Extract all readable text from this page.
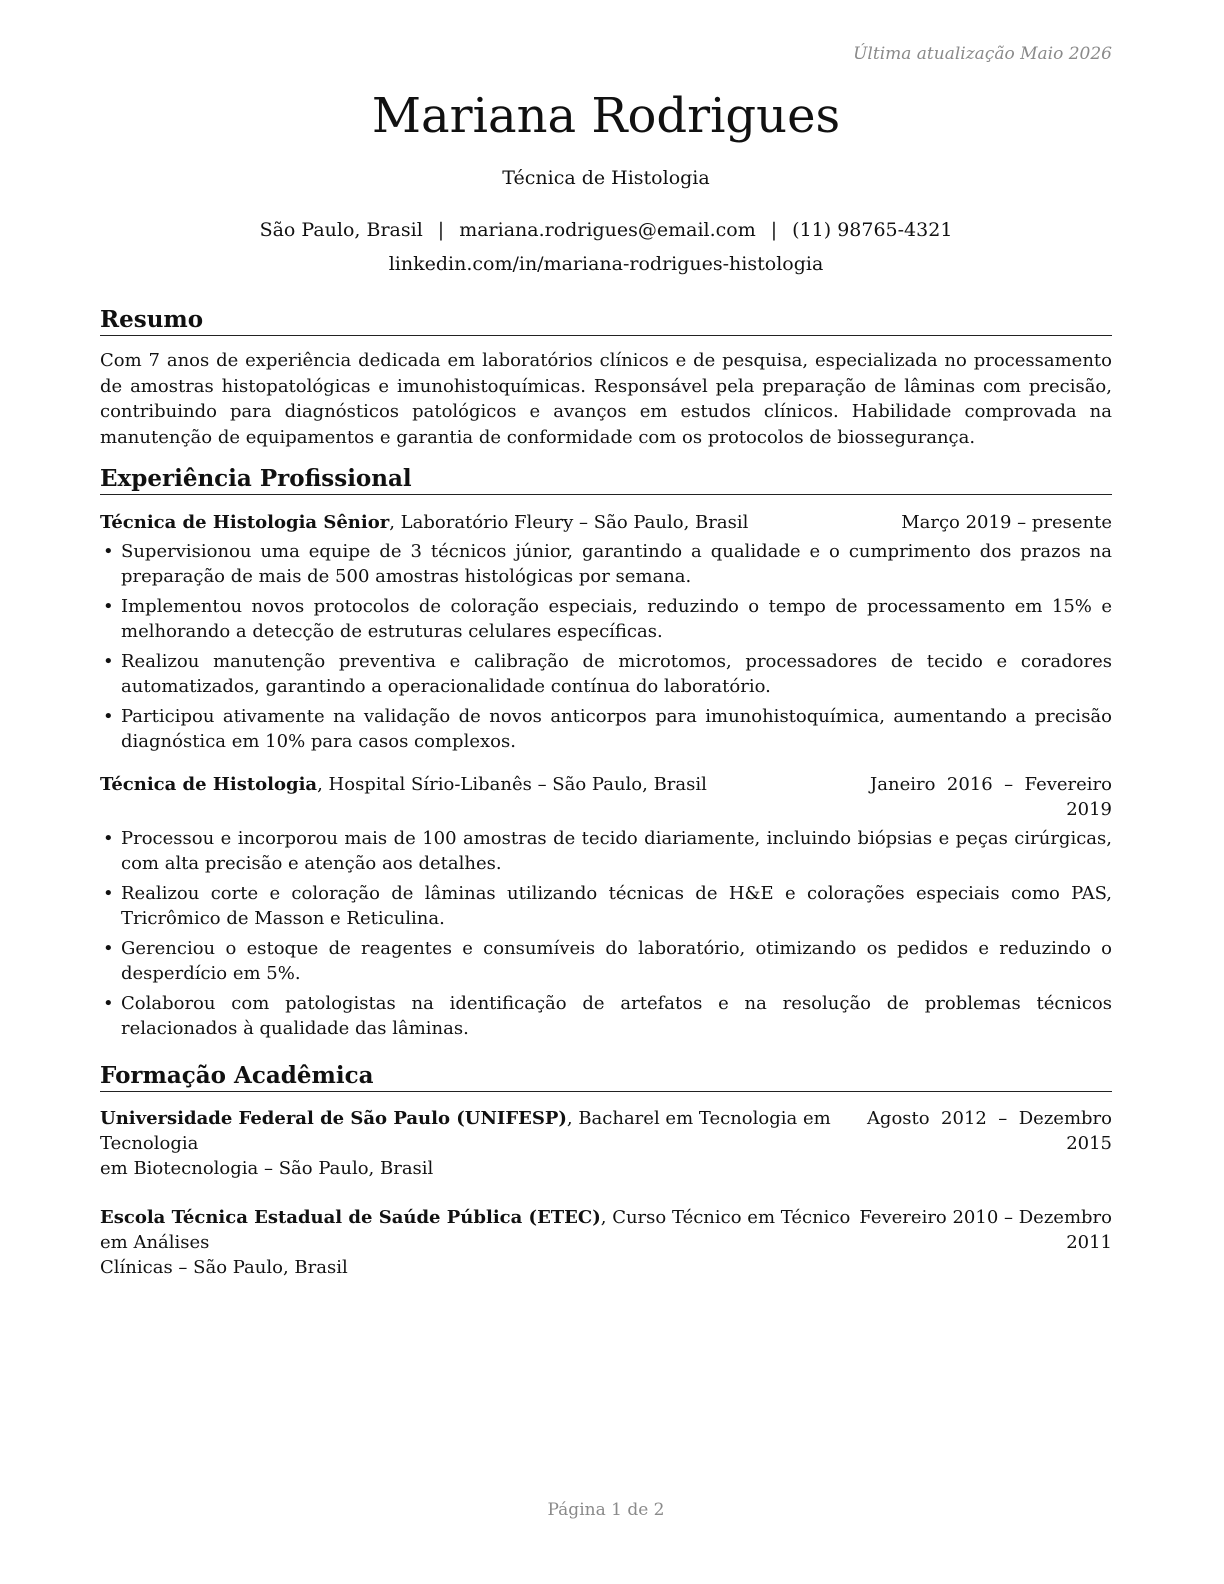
Última atualização Maio 2026
Mariana Rodrigues
Técnica de Histologia
São Paulo, Brasil | mariana.rodrigues@email.com | (11) 98765-4321
linkedin.com/in/mariana-rodrigues-histologia
Resumo
Com 7 anos de experiência dedicada em laboratórios clínicos e de pesquisa, especializada no processamento de amostras histopatológicas e imunohistoquímicas. Responsável pela preparação de lâminas com precisão, contribuindo para diagnósticos patológicos e avanços em estudos clínicos. Habilidade comprovada na manutenção de equipamentos e garantia de conformidade com os protocolos de biossegurança.
Experiência Profissional
Técnica de Histologia Sênior, Laboratório Fleury – São Paulo, Brasil	Março 2019 – presente
• Supervisionou uma equipe de 3 técnicos júnior, garantindo a qualidade e o cumprimento dos prazos na preparação de mais de 500 amostras histológicas por semana.
• Implementou novos protocolos de coloração especiais, reduzindo o tempo de processamento em 15% e melhorando a detecção de estruturas celulares específicas.
• Realizou manutenção preventiva e calibração de microtomos, processadores de tecido e coradores automatizados, garantindo a operacionalidade contínua do laboratório.
• Participou ativamente na validação de novos anticorpos para imunohistoquímica, aumentando a precisão diagnóstica em 10% para casos complexos.
Técnica de Histologia, Hospital Sírio-Libanês – São Paulo, Brasil	Janeiro  2016  –  Fevereiro
2019
• Processou e incorporou mais de 100 amostras de tecido diariamente, incluindo biópsias e peças cirúrgicas, com alta precisão e atenção aos detalhes.
• Realizou corte e coloração de lâminas utilizando técnicas de H&E e colorações especiais como PAS, Tricrômico de Masson e Reticulina.
• Gerenciou o estoque de reagentes e consumíveis do laboratório, otimizando os pedidos e reduzindo o desperdício em 5%.
• Colaborou com patologistas na identificação de artefatos e na resolução de problemas técnicos relacionados à qualidade das lâminas.
Formação Acadêmica
Universidade Federal de São Paulo (UNIFESP), Bacharel em Tecnologia em Tecnologia
em Biotecnologia – São Paulo, Brasil
Agosto  2012  –  Dezembro
2015
Escola Técnica Estadual de Saúde Pública (ETEC), Curso Técnico em Técnico em Análises
Clínicas – São Paulo, Brasil
Fevereiro 2010 – Dezembro
2011
Página 1 de 2
